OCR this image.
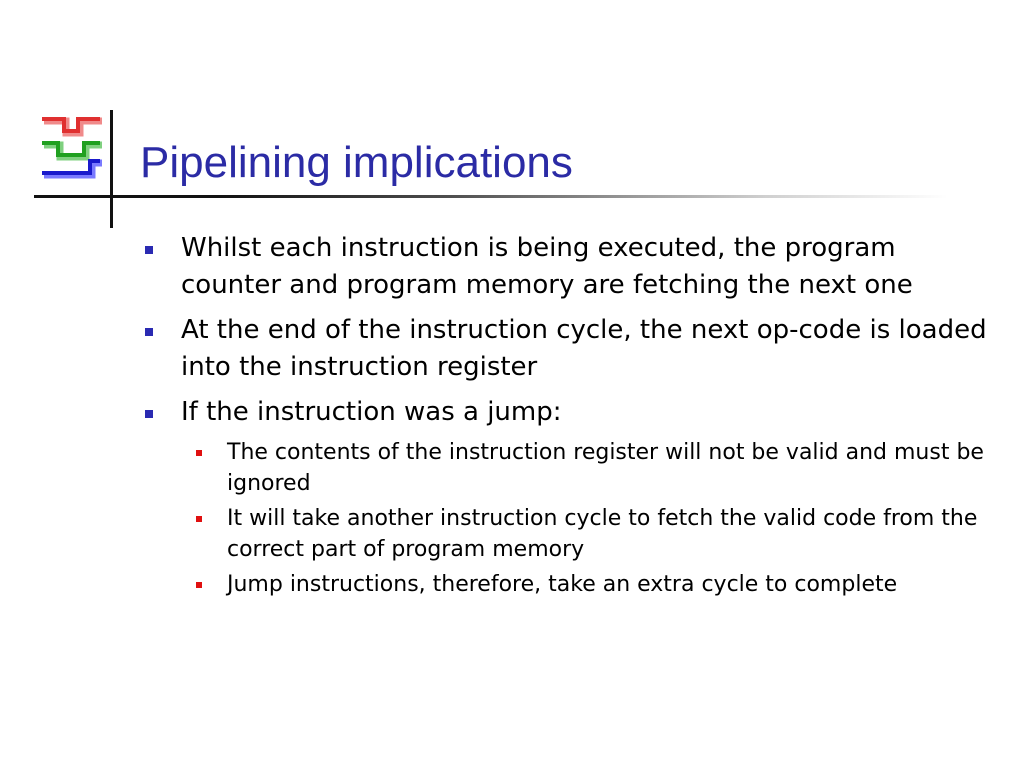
Pipelining implications
Whilst each instruction is being executed, the program counter and program memory are fetching the next one
At the end of the instruction cycle, the next op-code is loaded into the instruction register
If the instruction was a jump:
The contents of the instruction register will not be valid and must be ignored
It will take another instruction cycle to fetch the valid code from the correct part of program memory
Jump instructions, therefore, take an extra cycle to complete
